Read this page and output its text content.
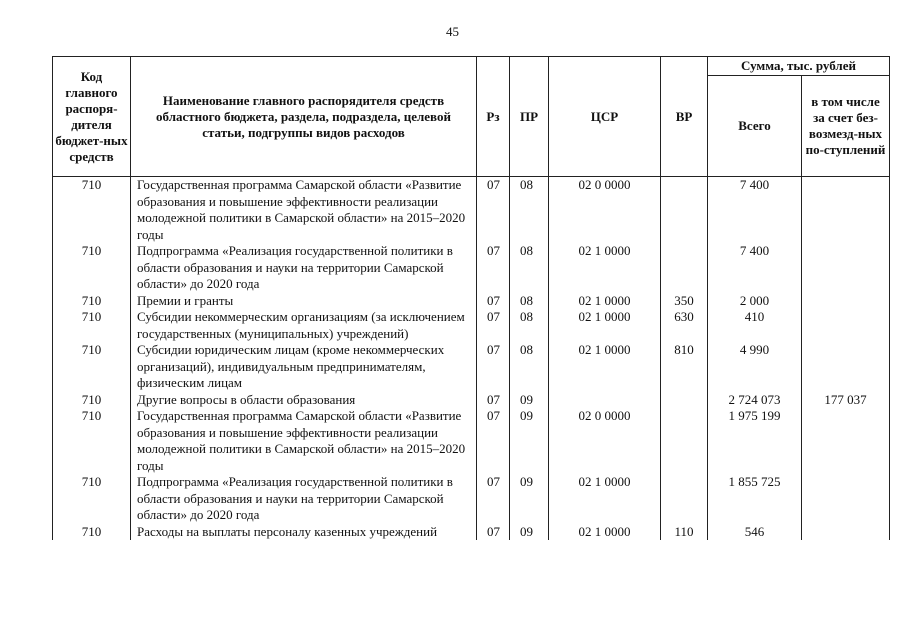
45
Код главного распоря-дителя бюджет-ных средств	Наименование главного распорядителя средств областного бюджета, раздела, подраздела, целевой статьи, подгруппы видов расходов	Рз	ПР	ЦСР	ВР	Сумма, тыс. рублей	
						Всего	в том числе за счет без-возмезд-ных по-ступлений
710	Государственная программа Самарской области «Развитие образования и повышение эффективности реализации молодежной политики в Самарской области» на 2015–2020 годы	07	08	02 0 0000		7 400	
710	Подпрограмма «Реализация государственной политики в области образования и науки на территории Самарской области» до 2020 года	07	08	02 1 0000		7 400	
710	Премии и гранты	07	08	02 1 0000	350	2 000	
710	Субсидии некоммерческим организациям (за исключением государственных (муниципальных) учреждений)	07	08	02 1 0000	630	410	
710	Субсидии юридическим лицам (кроме некоммерческих организаций), индивидуальным предпринимателям, физическим лицам	07	08	02 1 0000	810	4 990	
710	Другие вопросы в области образования	07	09			2 724 073	177 037
710	Государственная программа Самарской области «Развитие образования и повышение эффективности реализации молодежной политики в Самарской области» на 2015–2020 годы	07	09	02 0 0000		1 975 199	
710	Подпрограмма «Реализация государственной политики в области образования и науки на территории Самарской области» до 2020 года	07	09	02 1 0000		1 855 725	
710	Расходы на выплаты персоналу казенных учреждений	07	09	02 1 0000	110	546	
